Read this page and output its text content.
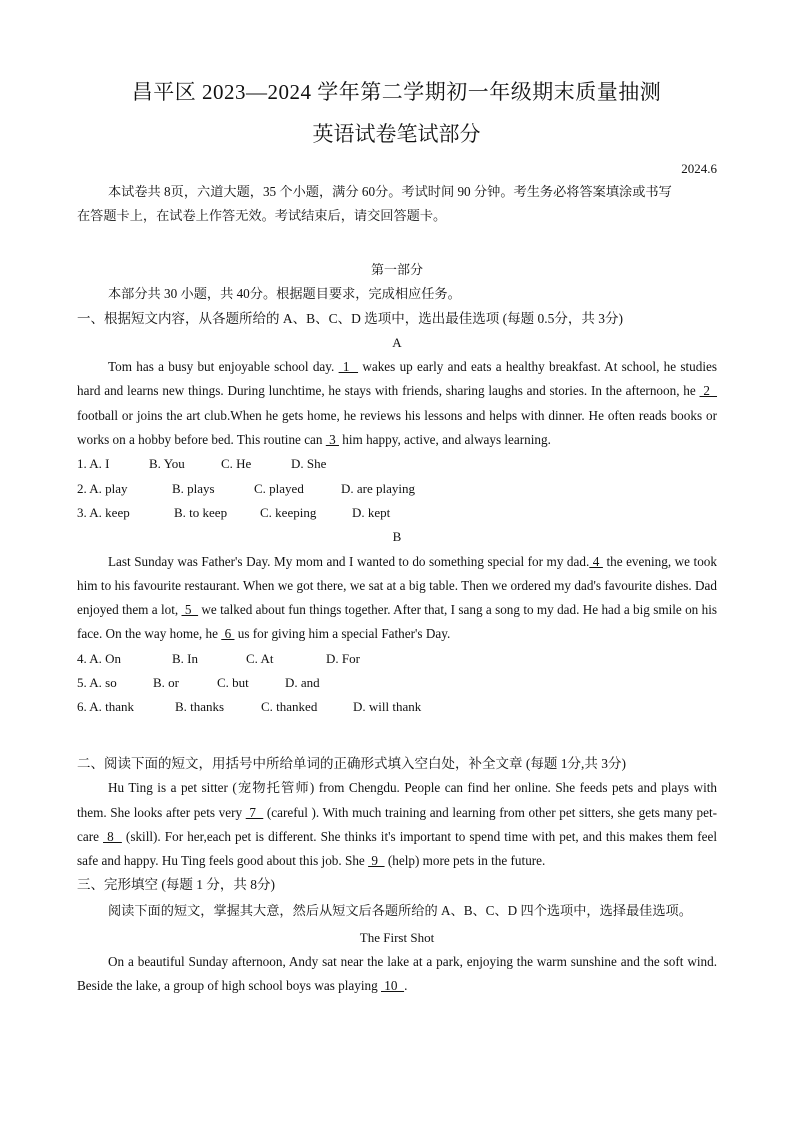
昌平区 2023—2024 学年第二学期初一年级期末质量抽测
英语试卷笔试部分
2024.6

本试卷共 8页，六道大题，35 个小题，满分 60分。考试时间 90 分钟。考生务必将答案填涂或书写

在答题卡上，在试卷上作答无效。考试结束后，请交回答题卡。

第一部分

本部分共 30 小题，共 40分。根据题目要求，完成相应任务。

一、根据短文内容，从各题所给的 A、B、C、D 选项中，选出最佳选项 (每题 0.5分，共 3分)

A

Tom has a busy but enjoyable school day.  1   wakes up early and eats a healthy breakfast. At school, he studies hard and learns new things. During lunchtime, he stays with friends, sharing laughs and stories. In the afternoon, he  2   football or joins the art club.When he gets home, he reviews his lessons and helps with dinner. He often reads books or works on a hobby before bed. This routine can  3  him happy, active, and always learning.

1. A. I	B. You	C. He	D. She

2. A. play	B. plays	C. played	D. are playing

3. A. keep	B. to keep	C. keeping	D. kept

B

Last Sunday was Father's Day. My mom and I wanted to do something special for my dad. 4  the evening, we took him to his favourite restaurant. When we got there, we sat at a big table. Then we ordered my dad's favourite dishes. Dad enjoyed them a lot,  5   we talked about fun things together. After that, I sang a song to my dad. He had a big smile on his face. On the way home, he  6  us for giving him a special Father's Day.

4. A. On	B. In	C. At	D. For

5. A. so	B. or	C. but	D. and

6. A. thank	B. thanks	C. thanked	D. will thank

二、阅读下面的短文，用括号中所给单词的正确形式填入空白处，补全文章 (每题 1分,共 3分)

Hu Ting is a pet sitter (宠物托管师) from Chengdu. People can find her online. She feeds pets and plays with them. She looks after pets very  7   (careful ). With much training and learning from other pet sitters, she gets many pet-care  8   (skill). For her,each pet is different. She thinks it's important to spend time with pet, and this makes them feel safe and happy. Hu Ting feels good about this job. She  9   (help) more pets in the future.

三、完形填空 (每题 1 分，共 8分)

阅读下面的短文，掌握其大意，然后从短文后各题所给的 A、B、C、D 四个选项中，选择最佳选项。

The First Shot

On a beautiful Sunday afternoon, Andy sat near the lake at a park, enjoying the warm sunshine and the soft wind. Beside the lake, a group of high school boys was playing  10  .
